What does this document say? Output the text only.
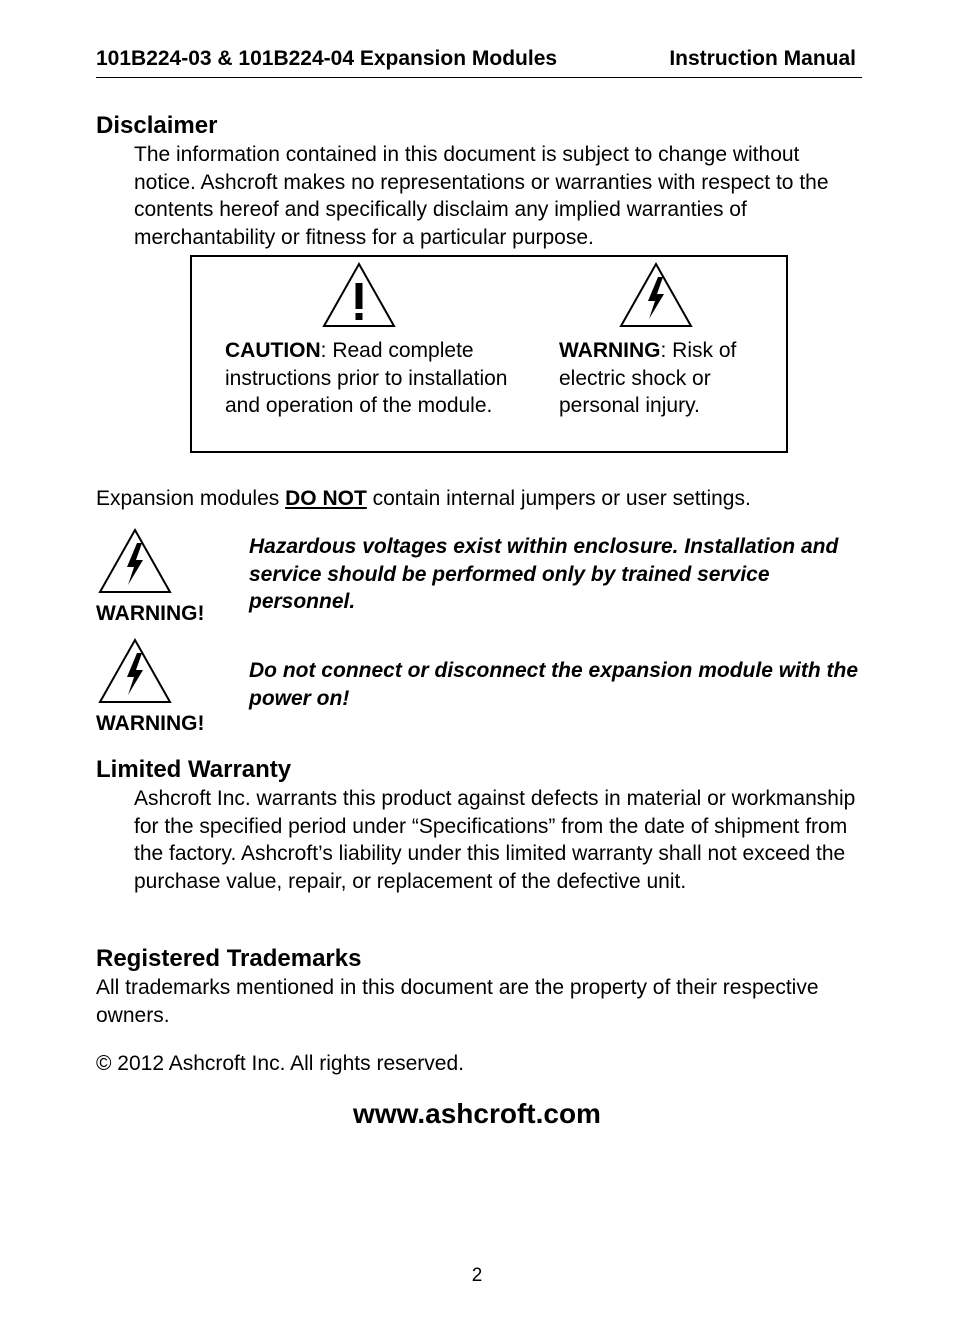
101B224-03 & 101B224-04 Expansion Modules	Instruction Manual
Disclaimer
The information contained in this document is subject to change without notice. Ashcroft makes no representations or warranties with respect to the contents hereof and specifically disclaim any implied warranties of merchantability or fitness for a particular purpose.
CAUTION: Read complete instructions prior to installation and operation of the module.
WARNING: Risk of electric shock or personal injury.
Expansion modules DO NOT contain internal jumpers or user settings.
WARNING!
Hazardous voltages exist within enclosure. Installation and service should be performed only by trained service personnel.
WARNING!
Do not connect or disconnect the expansion module with the power on!
Limited Warranty
Ashcroft Inc. warrants this product against defects in material or workmanship for the specified period under “Specifications” from the date of shipment from the factory. Ashcroft’s liability under this limited warranty shall not exceed the purchase value, repair, or replacement of the defective unit.
Registered Trademarks
All trademarks mentioned in this document are the property of their respective owners.
© 2012 Ashcroft Inc. All rights reserved.
www.ashcroft.com
2
